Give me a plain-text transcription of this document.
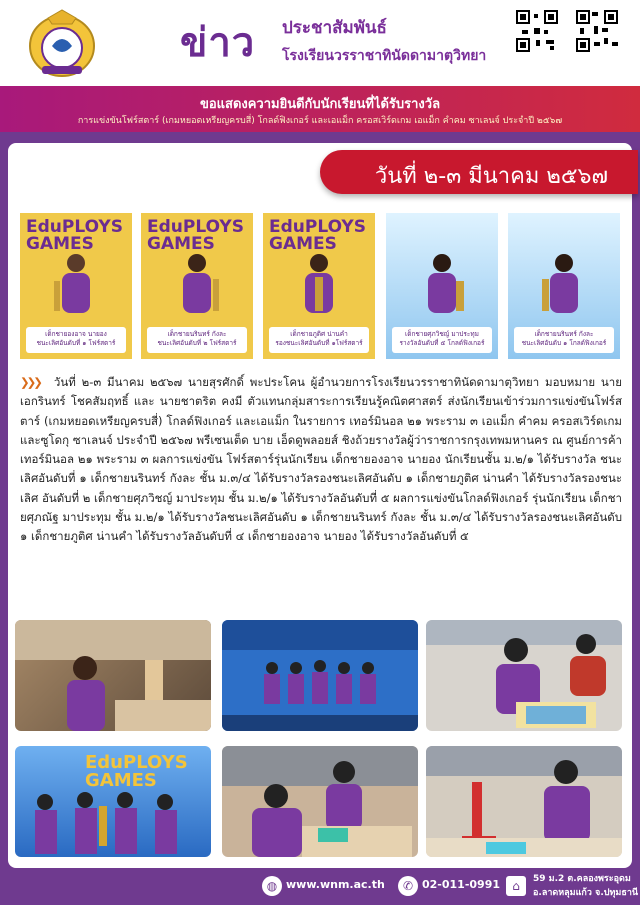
ข่าว ประชาสัมพันธ์
โรงเรียนวรราชาทินัดดามาตุวิทยา
ขอแสดงความยินดีกับนักเรียนที่ได้รับรางวัล
การแข่งขันโฟร์สตาร์ (เกมหยอดเหรียญครบสี่) โกลด์ฟิงเกอร์ และเอแม็ก ครอสเวิร์ดเกม เอแม็ก คำคม ซาเลนจ์ ประจำปี ๒๕๖๗
วันที่ ๒-๓ มีนาคม ๒๕๖๗
EduPLOYS GAMES
เด็กชายองอาจ นายอง
ชนะเลิศอันดับที่ ๑ โฟร์สตาร์
EduPLOYS GAMES
เด็กชายนรินทร์ กังละ
ชนะเลิศอันดับที่ ๒ โฟร์สตาร์
EduPLOYS GAMES
เด็กชายภูติศ น่านคำ
รองชนะเลิศอันดับที่ ๑โฟร์สตาร์
เด็กชายศุภวิชญ์ มาประทุม
รางวัลอันดับที่ ๕ โกลด์ฟิงเกอร์
เด็กชายนรินทร์ กังละ
ชนะเลิศอันดับ ๑ โกลด์ฟิงเกอร์
❯❯❯ วันที่ ๒-๓ มีนาคม ๒๕๖๗ นายสุรศักดิ์ พะประโคน ผู้อำนวยการโรงเรียนวรราชาทินัดดามาตุวิทยา มอบหมาย นายเอกรินทร์ โชคสัมฤทธิ์ และ นายชาตริต คงมี ตัวแทนกลุ่มสาระการเรียนรู้คณิตศาสตร์ ส่งนักเรียนเข้าร่วมการแข่งขันโฟร์สตาร์ (เกมหยอดเหรียญครบสี่) โกลด์ฟิงเกอร์ และเอแม็ก ในรายการ เทอร์มินอล ๒๑ พระราม ๓ เอแม็ก คำคม ครอสเวิร์ดเกม และซูโดกุ ซาเลนจ์ ประจำปี ๒๕๖๗ พรีเซนเต็ด บาย เอ็ดดูพลอยส์ ชิงถ้วยรางวัลผู้ว่าราชการกรุงเทพมหานคร ณ ศูนย์การค้า เทอร์มินอล ๒๑ พระราม ๓ ผลการแข่งขัน โฟร์สตาร์รุ่นนักเรียน เด็กชายองอาจ นายอง นักเรียนชั้น ม.๒/๑ ได้รับรางวัล ชนะเลิศอันดับที่ ๑ เด็กชายนรินทร์ กังละ ชั้น ม.๓/๔ ได้รับรางวัลรองชนะเลิศอันดับ ๑ เด็กชายภูติศ น่านคำ ได้รับรางวัลรองชนะเลิศ อันดับที่ ๒ เด็กชายศุภวิชญ์ มาประทุม ชั้น ม.๒/๑ ได้รับรางวัลอันดับที่ ๕ ผลการแข่งขันโกลด์ฟิงเกอร์ รุ่นนักเรียน เด็กชายศุภณัฐ มาประทุม ชั้น ม.๒/๑ ได้รับรางวัลชนะเลิศอันดับ ๑ เด็กชายนรินทร์ กังละ ชั้น ม.๓/๔ ได้รับรางวัลรองชนะเลิศอันดับ ๑ เด็กชายภูติศ น่านคำ ได้รับรางวัลอันดับที่ ๔ เด็กชายองอาจ นายอง ได้รับรางวัลอันดับที่ ๕
EduPLOYS GAMES
◍ www.wnm.ac.th	✆ 02-011-0991	⌂	59 ม.2 ต.คลองพระอุดม
อ.ลาดหลุมแก้ว จ.ปทุมธานี
